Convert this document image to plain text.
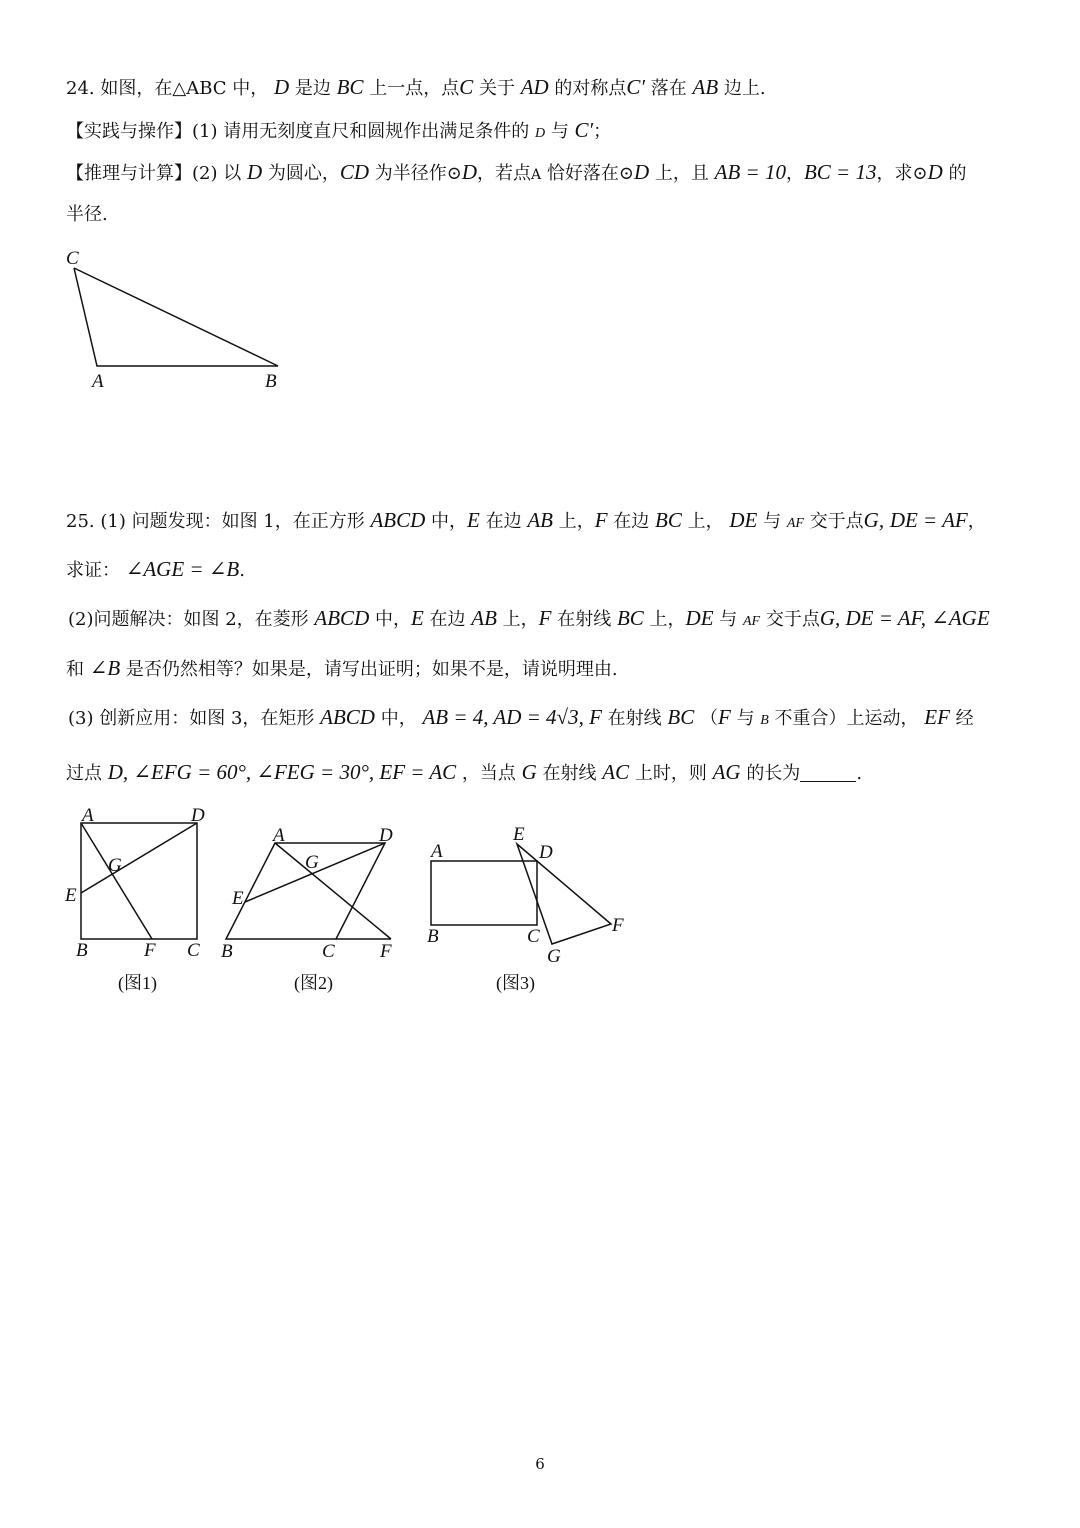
24. 如图，在△ABC 中， D 是边 BC 上一点，点C 关于 AD 的对称点C′ 落在 AB 边上.
【实践与操作】(1) 请用无刻度直尺和圆规作出满足条件的 D 与 C′；
【推理与计算】(2) 以 D 为圆心，CD 为半径作⊙D，若点A 恰好落在⊙D 上，且 AB = 10，BC = 13，求⊙D 的
半径.
C
A	B
25. (1) 问题发现：如图 1，在正方形 ABCD 中，E 在边 AB 上，F 在边 BC 上， DE 与 AF 交于点G, DE = AF，
求证： ∠AGE = ∠B.
(2)问题解决：如图 2，在菱形 ABCD 中，E 在边 AB 上，F 在射线 BC 上，DE 与 AF 交于点G, DE = AF, ∠AGE
和 ∠B 是否仍然相等？如果是，请写出证明；如果不是，请说明理由.
(3) 创新应用：如图 3，在矩形 ABCD 中， AB = 4, AD = 4√3, F 在射线 BC （F 与 B 不重合）上运动， EF 经
过点 D, ∠EFG = 60°, ∠FEG = 30°, EF = AC ，当点 G 在射线 AC 上时，则 AG 的长为	.
A	D
G
E
B	F C
(图1)
A	D
G
E
B	C F
(图2)
E
A	D
F
B	C
G
(图3)
6
